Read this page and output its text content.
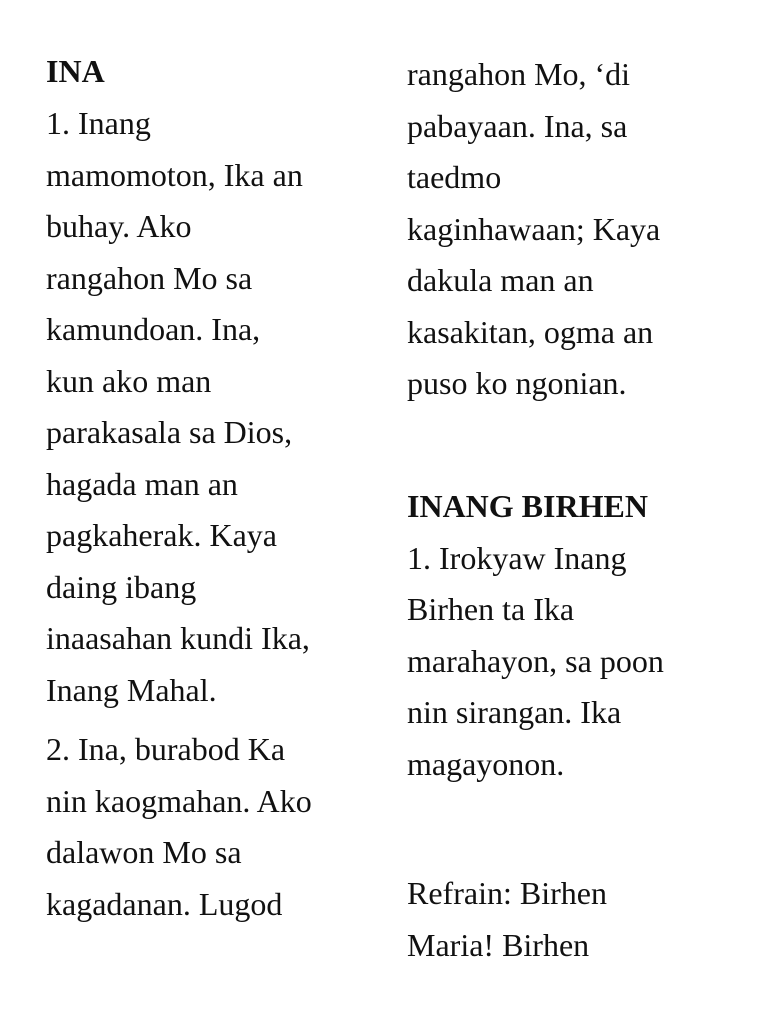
INA
1. Inang
mamomoton, Ika an
buhay. Ako
rangahon Mo sa
kamundoan. Ina,
kun ako man
parakasala sa Dios,
hagada man an
pagkaherak. Kaya
daing ibang
inaasahan kundi Ika,
Inang Mahal.
2. Ina, burabod Ka
nin kaogmahan. Ako
dalawon Mo sa
kagadanan. Lugod
rangahon Mo, ‘di
pabayaan. Ina, sa
taedmo
kaginhawaan; Kaya
dakula man an
kasakitan, ogma an
puso ko ngonian.
INANG BIRHEN
1. Irokyaw Inang
Birhen ta Ika
marahayon, sa poon
nin sirangan. Ika
magayonon.
Refrain: Birhen
Maria! Birhen
